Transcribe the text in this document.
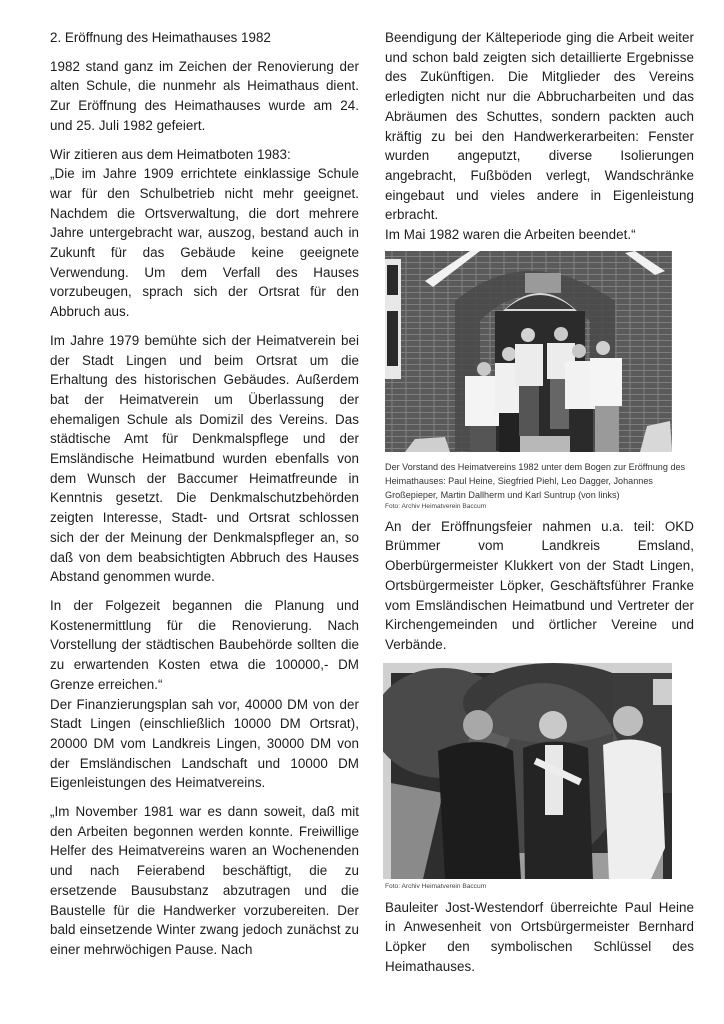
2. Eröffnung des Heimathauses 1982

1982 stand ganz im Zeichen der Renovierung der alten Schule, die nunmehr als Heimathaus dient. Zur Eröffnung des Heimathauses wurde am 24. und 25. Juli 1982 gefeiert.

Wir zitieren aus dem Heimatboten 1983:

„Die im Jahre 1909 errichtete einklassige Schule war für den Schulbetrieb nicht mehr geeignet. Nachdem die Ortsverwaltung, die dort mehrere Jahre untergebracht war, auszog, bestand auch in Zukunft für das Gebäude keine geeignete Verwendung. Um dem Verfall des Hauses vorzubeugen, sprach sich der Ortsrat für den Abbruch aus.

Im Jahre 1979 bemühte sich der Heimatverein bei der Stadt Lingen und beim Ortsrat um die Erhaltung des historischen Gebäudes. Außerdem bat der Heimatverein um Überlassung der ehemaligen Schule als Domizil des Vereins. Das städtische Amt für Denkmalspflege und der Emsländische Heimatbund wurden ebenfalls von dem Wunsch der Baccumer Heimatfreunde in Kenntnis gesetzt. Die Denkmalschutzbehörden zeigten Interesse, Stadt- und Ortsrat schlossen sich der der Meinung der Denkmalspfleger an, so daß von dem beabsichtigten Abbruch des Hauses Abstand genommen wurde.

In der Folgezeit begannen die Planung und Kostenermittlung für die Renovierung. Nach Vorstellung der städtischen Baubehörde sollten die zu erwartenden Kosten etwa die 100000,- DM Grenze erreichen.“

Der Finanzierungsplan sah vor, 40000 DM von der Stadt Lingen (einschließlich 10000 DM Ortsrat), 20000 DM vom Landkreis Lingen, 30000 DM von der Emsländischen Landschaft und 10000 DM Eigenleistungen des Heimatvereins.

„Im November 1981 war es dann soweit, daß mit den Arbeiten begonnen werden konnte. Freiwillige Helfer des Heimatvereins waren an Wochenenden und nach Feierabend beschäftigt, die zu ersetzende Bausubstanz abzutragen und die Baustelle für die Handwerker vorzubereiten. Der bald einsetzende Winter zwang jedoch zunächst zu einer mehrwöchigen Pause. Nach

Beendigung der Kälteperiode ging die Arbeit weiter und schon bald zeigten sich detaillierte Ergebnisse des Zukünftigen. Die Mitglieder des Vereins erledigten nicht nur die Abbrucharbeiten und das Abräumen des Schuttes, sondern packten auch kräftig zu bei den Handwerkerarbeiten: Fenster wurden angeputzt, diverse Isolierungen angebracht, Fußböden verlegt, Wandschränke eingebaut und vieles andere in Eigenleistung erbracht.

Im Mai 1982 waren die Arbeiten beendet.“

Der Vorstand des Heimatvereins 1982 unter dem Bogen zur Eröffnung des Heimathauses: Paul Heine, Siegfried Piehl, Leo Dagger, Johannes Großepieper, Martin Dallherm und Karl Suntrup (von links)

Foto: Archiv Heimatverein Baccum

An der Eröffnungsfeier nahmen u.a. teil: OKD Brümmer vom Landkreis Emsland, Oberbürgermeister Klukkert von der Stadt Lingen, Ortsbürgermeister Löpker, Geschäftsführer Franke vom Emsländischen Heimatbund und Vertreter der Kirchengemeinden und örtlicher Vereine und Verbände.

Foto: Archiv Heimatverein Baccum

Bauleiter Jost-Westendorf überreichte Paul Heine in Anwesenheit von Ortsbürgermeister Bernhard Löpker den symbolischen Schlüssel des Heimathauses.
